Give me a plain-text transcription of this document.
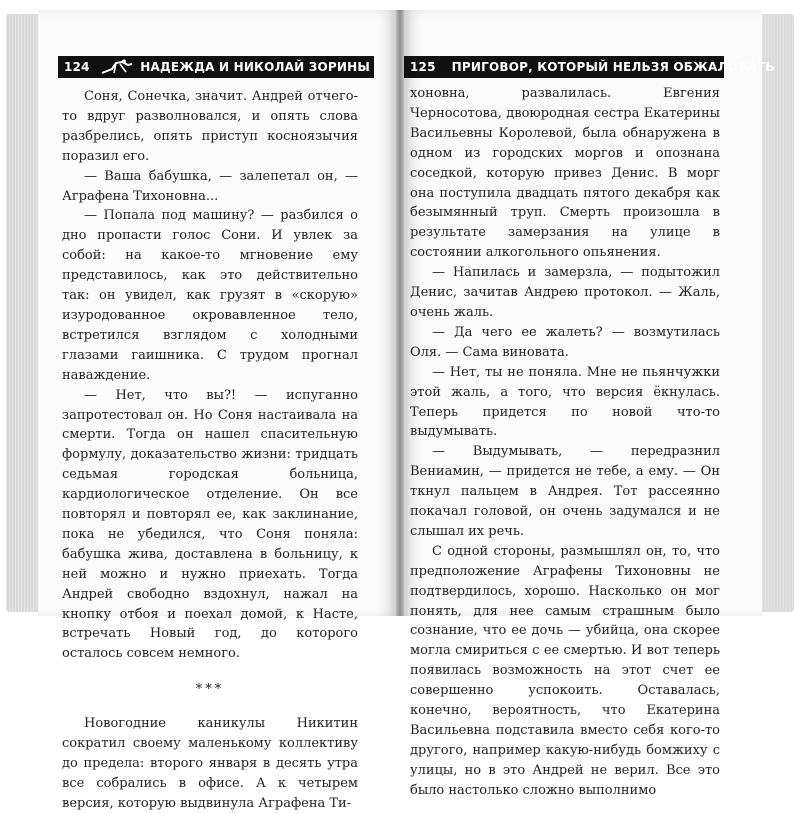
124	НАДЕЖДА И НИКОЛАЙ ЗОРИНЫ	125	ПРИГОВОР, КОТОРЫЙ НЕЛЬЗЯ ОБЖАЛОВАТЬ

Соня, Сонечка, значит. Андрей отчего-то вдруг разволновался, и опять слова разбрелись, опять приступ косноязычия поразил его.

— Ваша бабушка, — залепетал он, — Аграфена Тихоновна...

— Попала под машину? — разбился о дно пропасти голос Сони. И увлек за собой: на какое-то мгновение ему представилось, как это действительно так: он увидел, как грузят в «скорую» изуродованное окровавленное тело, встретился взглядом с холодными глазами гаишника. С трудом прогнал наваждение.

— Нет, что вы?! — испуганно запротестовал он. Но Соня настаивала на смерти. Тогда он нашел спасительную формулу, доказательство жизни: тридцать седьмая городская больница, кардиологическое отделение. Он все повторял и повторял ее, как заклинание, пока не убедился, что Соня поняла: бабушка жива, доставлена в больницу, к ней можно и нужно приехать. Тогда Андрей свободно вздохнул, нажал на кнопку отбоя и поехал домой, к Насте, встречать Новый год, до которого осталось совсем немного.

***

Новогодние каникулы Никитин сократил своему маленькому коллективу до предела: второго января в десять утра все собрались в офисе. А к четырем версия, которую выдвинула Аграфена Ти-

хоновна, развалилась. Евгения Черносотова, двоюродная сестра Екатерины Васильевны Королевой, была обнаружена в одном из городских моргов и опознана соседкой, которую привез Денис. В морг она поступила двадцать пятого декабря как безымянный труп. Смерть произошла в результате замерзания на улице в состоянии алкогольного опьянения.

— Напилась и замерзла, — подытожил Денис, зачитав Андрею протокол. — Жаль, очень жаль.

— Да чего ее жалеть? — возмутилась Оля. — Сама виновата.

— Нет, ты не поняла. Мне не пьянчужки этой жаль, а того, что версия ёкнулась. Теперь придется по новой что-то выдумывать.

— Выдумывать, — передразнил Вениамин, — придется не тебе, а ему. — Он ткнул пальцем в Андрея. Тот рассеянно покачал головой, он очень задумался и не слышал их речь.

С одной стороны, размышлял он, то, что предположение Аграфены Тихоновны не подтвердилось, хорошо. Насколько он мог понять, для нее самым страшным было сознание, что ее дочь — убийца, она скорее могла смириться с ее смертью. И вот теперь появилась возможность на этот счет ее совершенно успокоить. Оставалась, конечно, вероятность, что Екатерина Васильевна подставила вместо себя кого-то другого, например какую-нибудь бомжиху с улицы, но в это Андрей не верил. Все это было настолько сложно выполнимо
